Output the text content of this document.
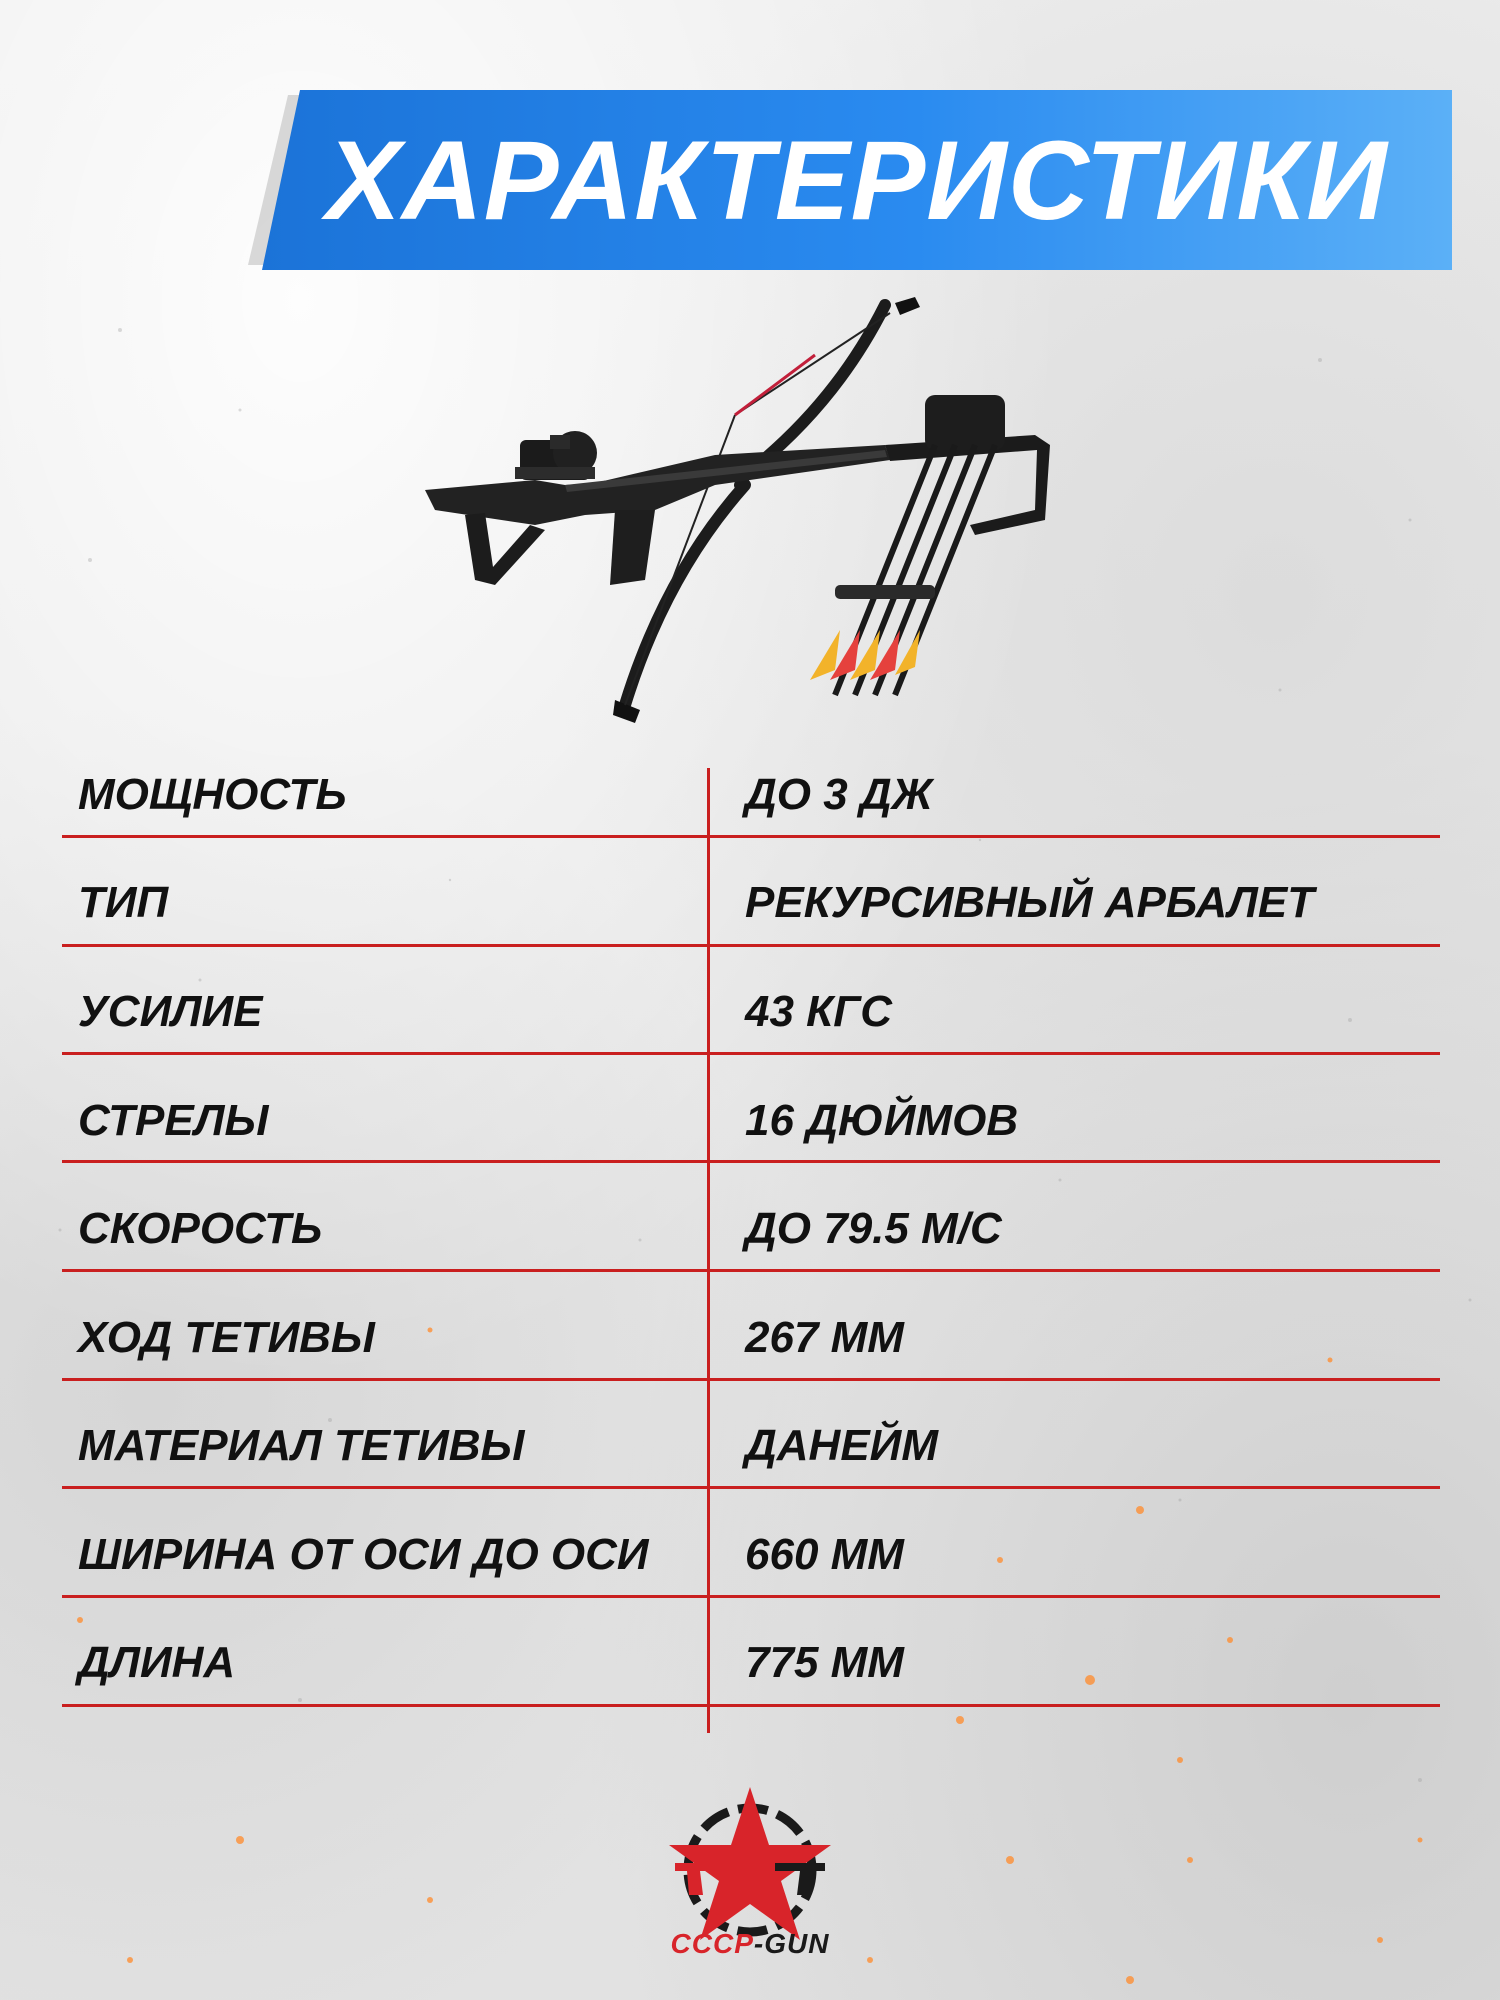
ХАРАКТЕРИСТИКИ
МОЩНОСТЬ	ДО 3 ДЖ
ТИП	РЕКУРСИВНЫЙ АРБАЛЕТ
УСИЛИЕ	43 КГС
СТРЕЛЫ	16 ДЮЙМОВ
СКОРОСТЬ	ДО 79.5 М/С
ХОД ТЕТИВЫ	267 ММ
МАТЕРИАЛ ТЕТИВЫ	ДАНЕЙМ
ШИРИНА ОТ ОСИ ДО ОСИ 660 ММ
ДЛИНА	775 ММ
СССР-GUN
